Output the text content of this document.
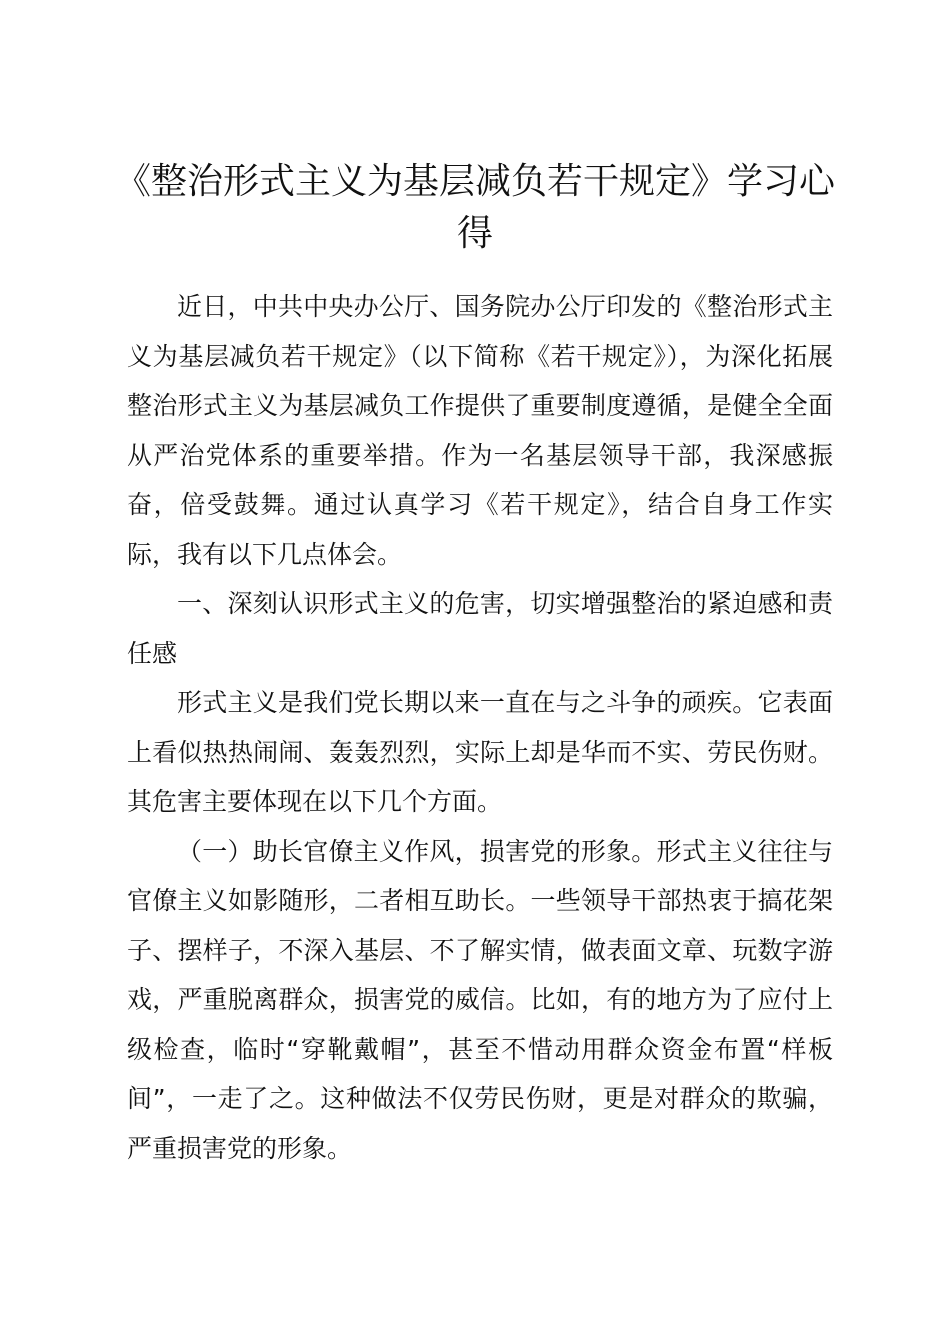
《整治形式主义为基层减负若干规定》学习心得

近日，中共中央办公厅、国务院办公厅印发的《整治形式主义为基层减负若干规定》（以下简称《若干规定》），为深化拓展整治形式主义为基层减负工作提供了重要制度遵循，是健全全面从严治党体系的重要举措。作为一名基层领导干部，我深感振奋，倍受鼓舞。通过认真学习《若干规定》，结合自身工作实际，我有以下几点体会。

一、深刻认识形式主义的危害，切实增强整治的紧迫感和责任感

形式主义是我们党长期以来一直在与之斗争的顽疾。它表面上看似热热闹闹、轰轰烈烈，实际上却是华而不实、劳民伤财。其危害主要体现在以下几个方面。

（一）助长官僚主义作风，损害党的形象。形式主义往往与官僚主义如影随形，二者相互助长。一些领导干部热衷于搞花架子、摆样子，不深入基层、不了解实情，做表面文章、玩数字游戏，严重脱离群众，损害党的威信。比如，有的地方为了应付上级检查，临时“穿靴戴帽”，甚至不惜动用群众资金布置“样板间”，一走了之。这种做法不仅劳民伤财，更是对群众的欺骗，严重损害党的形象。
